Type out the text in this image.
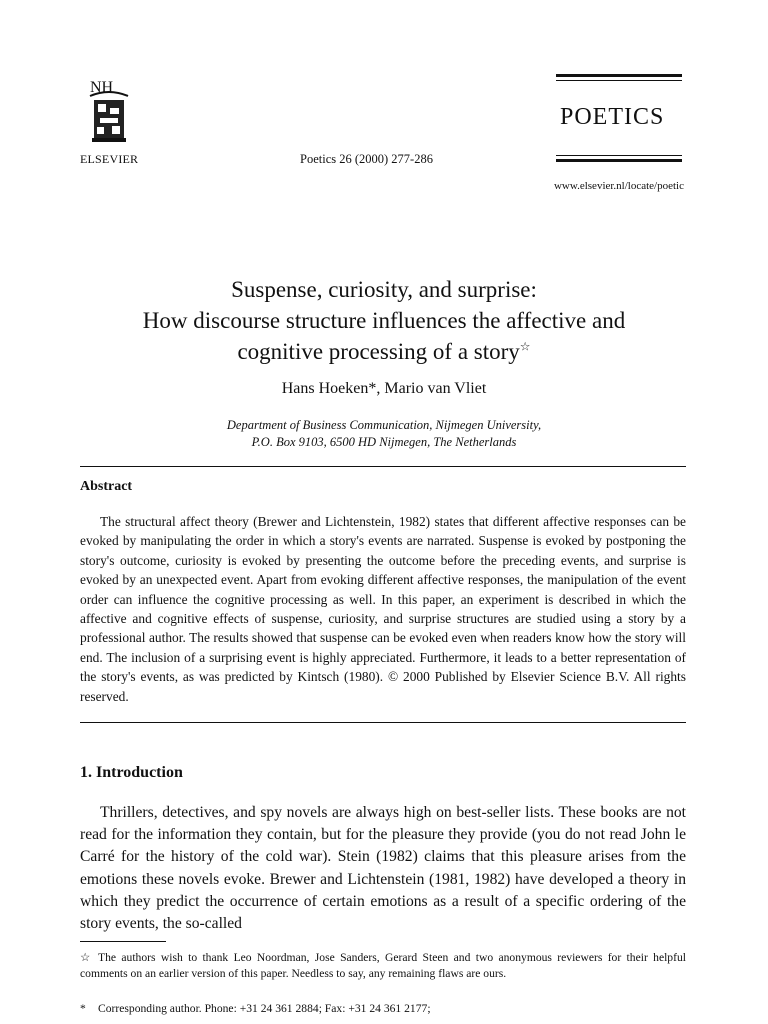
NH
ELSEVIER	Poetics 26 (2000) 277-286
POETICS
www.elsevier.nl/locate/poetic
Suspense, curiosity, and surprise:
How discourse structure influences the affective and
cognitive processing of a story☆
Hans Hoeken*, Mario van Vliet
Department of Business Communication, Nijmegen University,
P.O. Box 9103, 6500 HD Nijmegen, The Netherlands
Abstract
The structural affect theory (Brewer and Lichtenstein, 1982) states that different affective responses can be evoked by manipulating the order in which a story's events are narrated. Suspense is evoked by postponing the story's outcome, curiosity is evoked by presenting the outcome before the preceding events, and surprise is evoked by an unexpected event. Apart from evoking different affective responses, the manipulation of the event order can influence the cognitive processing as well. In this paper, an experiment is described in which the affective and cognitive effects of suspense, curiosity, and surprise structures are studied using a story by a professional author. The results showed that suspense can be evoked even when readers know how the story will end. The inclusion of a surprising event is highly appreciated. Furthermore, it leads to a better representation of the story's events, as was predicted by Kintsch (1980). © 2000 Published by Elsevier Science B.V. All rights reserved.
1. Introduction
Thrillers, detectives, and spy novels are always high on best-seller lists. These books are not read for the information they contain, but for the pleasure they provide (you do not read John le Carré for the history of the cold war). Stein (1982) claims that this pleasure arises from the emotions these novels evoke. Brewer and Lichtenstein (1981, 1982) have developed a theory in which they predict the occurrence of certain emotions as a result of a specific ordering of the story events, the so-called
☆ The authors wish to thank Leo Noordman, Jose Sanders, Gerard Steen and two anonymous reviewers for their helpful comments on an earlier version of this paper. Needless to say, any remaining flaws are ours.
* Corresponding author. Phone: +31 24 361 2884; Fax: +31 24 361 2177;
